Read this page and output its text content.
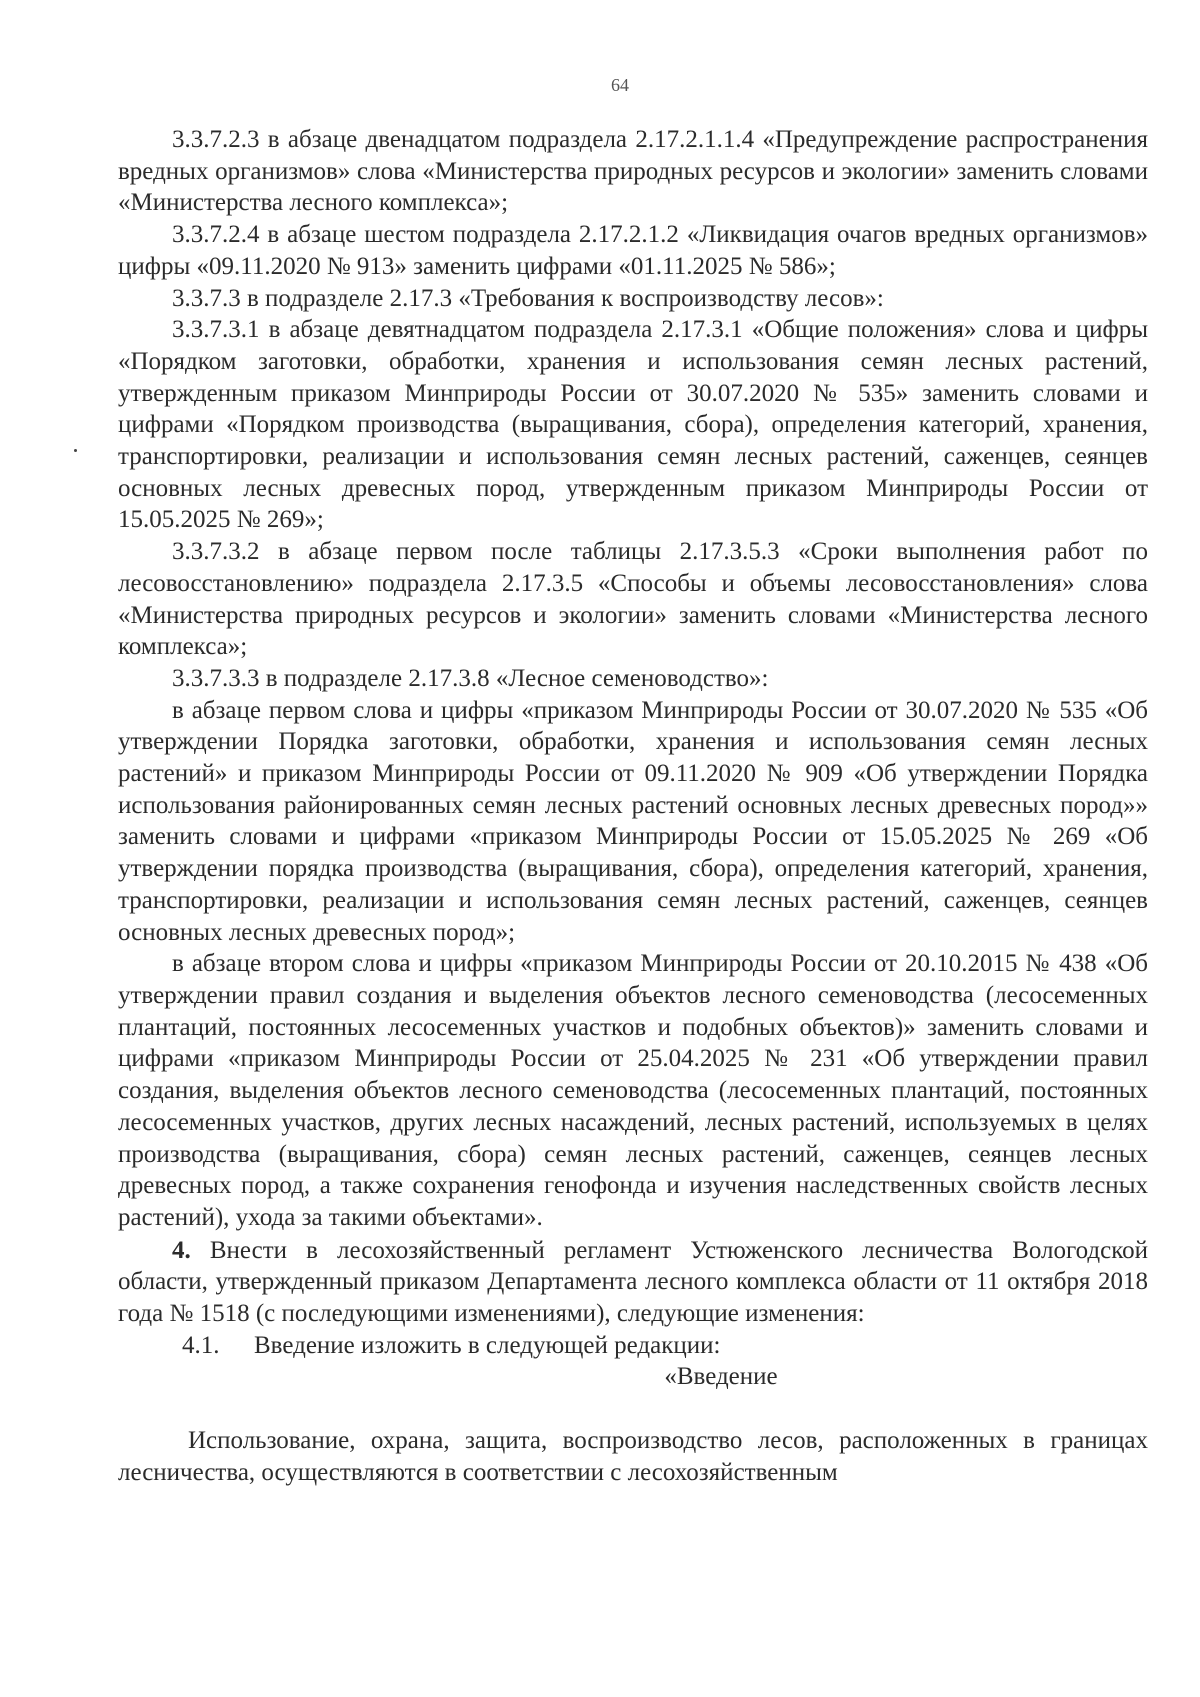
64

3.3.7.2.3 в абзаце двенадцатом подраздела 2.17.2.1.1.4 «Предупреждение распространения вредных организмов» слова «Министерства природных ресурсов и экологии» заменить словами «Министерства лесного комплекса»;

3.3.7.2.4 в абзаце шестом подраздела 2.17.2.1.2 «Ликвидация очагов вредных организмов» цифры «09.11.2020 № 913» заменить цифрами «01.11.2025 № 586»;

3.3.7.3 в подразделе 2.17.3 «Требования к воспроизводству лесов»:

3.3.7.3.1 в абзаце девятнадцатом подраздела 2.17.3.1 «Общие положения» слова и цифры «Порядком заготовки, обработки, хранения и использования семян лесных растений, утвержденным приказом Минприроды России от 30.07.2020 № 535» заменить словами и цифрами «Порядком производства (выращивания, сбора), определения категорий, хранения, транспортировки, реализации и использования семян лесных растений, саженцев, сеянцев основных лесных древесных пород, утвержденным приказом Минприроды России от 15.05.2025 № 269»;

3.3.7.3.2 в абзаце первом после таблицы 2.17.3.5.3 «Сроки выполнения работ по лесовосстановлению» подраздела 2.17.3.5 «Способы и объемы лесовосстановления» слова «Министерства природных ресурсов и экологии» заменить словами «Министерства лесного комплекса»;

3.3.7.3.3 в подразделе 2.17.3.8 «Лесное семеноводство»:

в абзаце первом слова и цифры «приказом Минприроды России от 30.07.2020 № 535 «Об утверждении Порядка заготовки, обработки, хранения и использования семян лесных растений» и приказом Минприроды России от 09.11.2020 № 909 «Об утверждении Порядка использования районированных семян лесных растений основных лесных древесных пород»» заменить словами и цифрами «приказом Минприроды России от 15.05.2025 № 269 «Об утверждении порядка производства (выращивания, сбора), определения категорий, хранения, транспортировки, реализации и использования семян лесных растений, саженцев, сеянцев основных лесных древесных пород»;

в абзаце втором слова и цифры «приказом Минприроды России от 20.10.2015 № 438 «Об утверждении правил создания и выделения объектов лесного семеноводства (лесосеменных плантаций, постоянных лесосеменных участков и подобных объектов)» заменить словами и цифрами «приказом Минприроды России от 25.04.2025 № 231 «Об утверждении правил создания, выделения объектов лесного семеноводства (лесосеменных плантаций, постоянных лесосеменных участков, других лесных насаждений, лесных растений, используемых в целях производства (выращивания, сбора) семян лесных растений, саженцев, сеянцев лесных древесных пород, а также сохранения генофонда и изучения наследственных свойств лесных растений), ухода за такими объектами».

4. Внести в лесохозяйственный регламент Устюженского лесничества Вологодской области, утвержденный приказом Департамента лесного комплекса области от 11 октября 2018 года № 1518 (с последующими изменениями), следующие изменения:

4.1. Введение изложить в следующей редакции:

«Введение

Использование, охрана, защита, воспроизводство лесов, расположенных в границах лесничества, осуществляются в соответствии с лесохозяйственным
